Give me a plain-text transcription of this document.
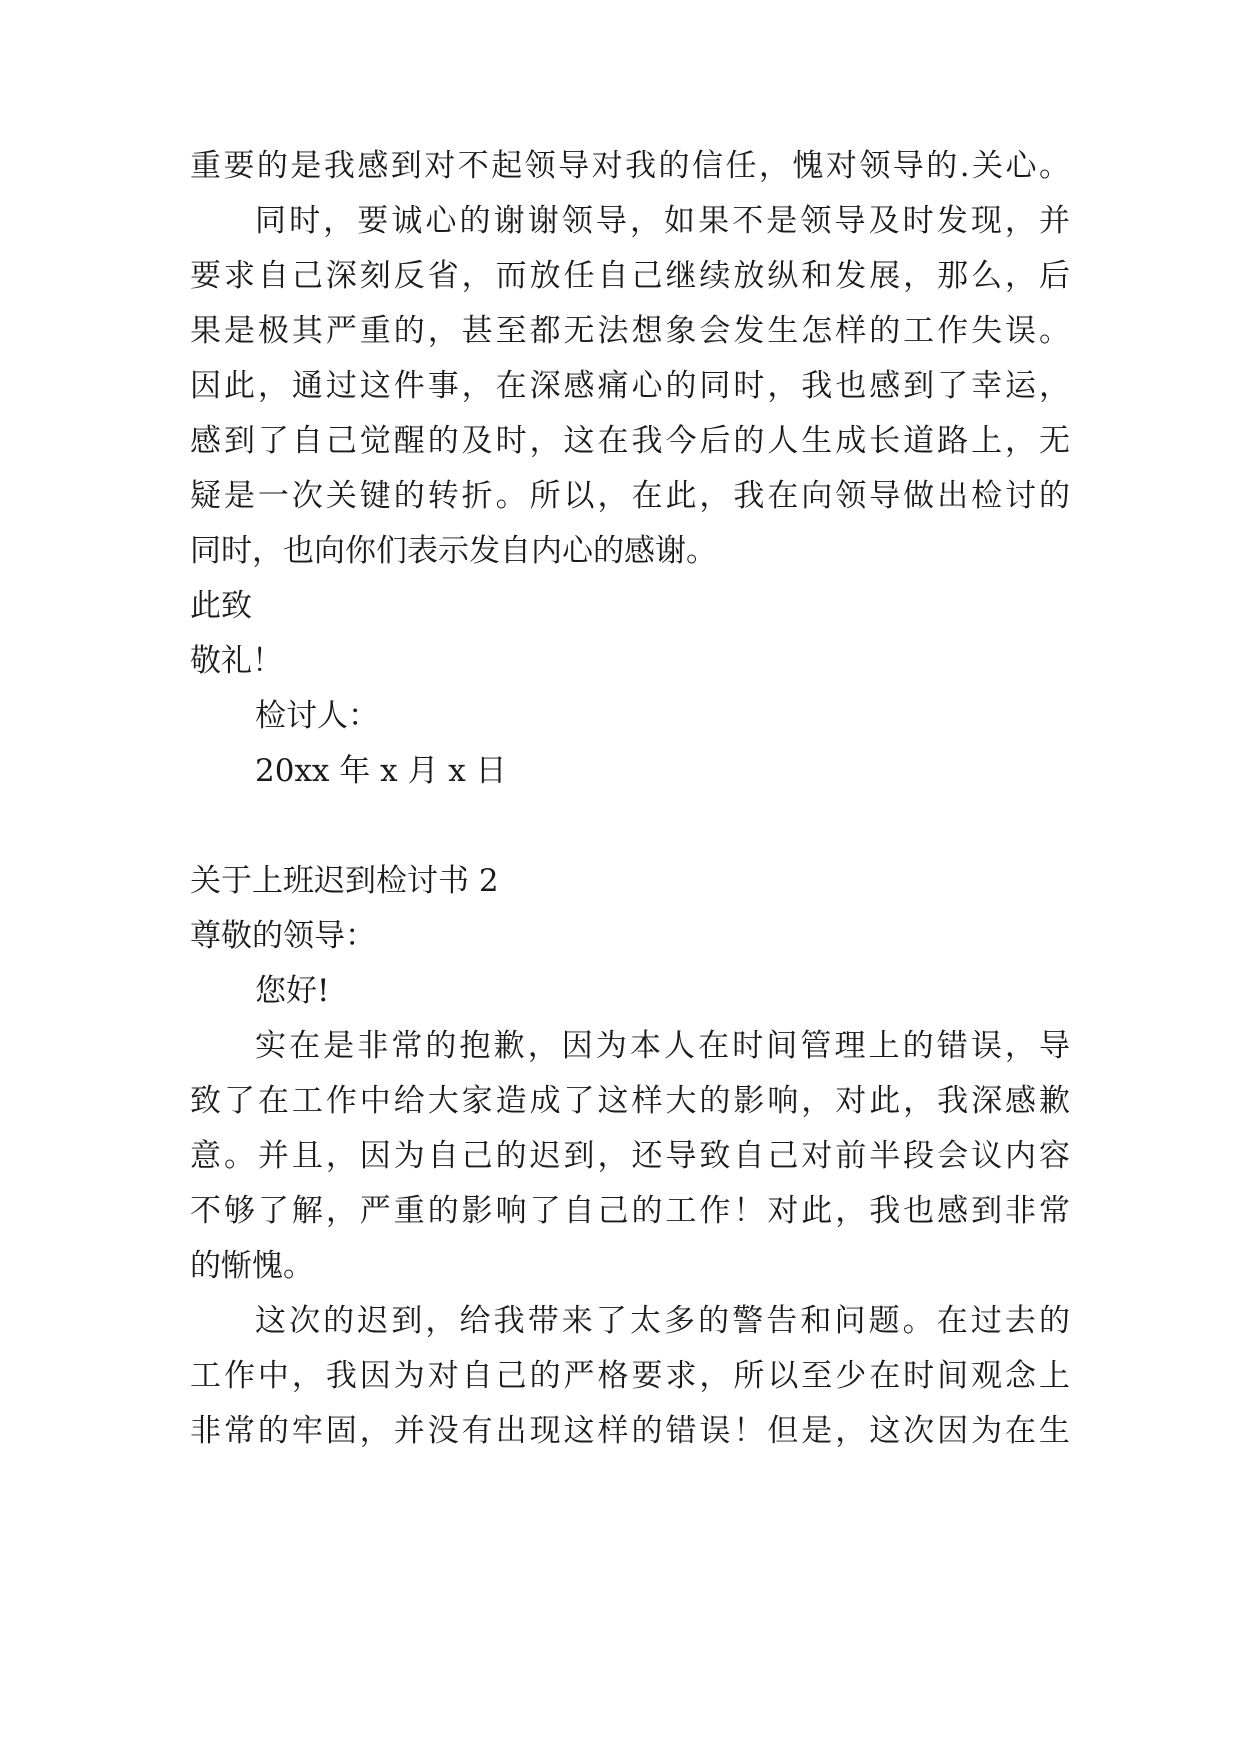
重要的是我感到对不起领导对我的信任，愧对领导的.关心。
同时，要诚心的谢谢领导，如果不是领导及时发现，并
要求自己深刻反省，而放任自己继续放纵和发展，那么，后
果是极其严重的，甚至都无法想象会发生怎样的工作失误。
因此，通过这件事，在深感痛心的同时，我也感到了幸运，
感到了自己觉醒的及时，这在我今后的人生成长道路上，无
疑是一次关键的转折。所以，在此，我在向领导做出检讨的
同时，也向你们表示发自内心的感谢。
此致
敬礼！
检讨人：
20xx 年 x 月 x 日
关于上班迟到检讨书 2
尊敬的领导：
您好!
实在是非常的抱歉，因为本人在时间管理上的错误，导
致了在工作中给大家造成了这样大的影响，对此，我深感歉
意。并且，因为自己的迟到，还导致自己对前半段会议内容
不够了解，严重的影响了自己的工作！对此，我也感到非常
的惭愧。
这次的迟到，给我带来了太多的警告和问题。在过去的
工作中，我因为对自己的严格要求，所以至少在时间观念上
非常的牢固，并没有出现这样的错误！但是，这次因为在生
